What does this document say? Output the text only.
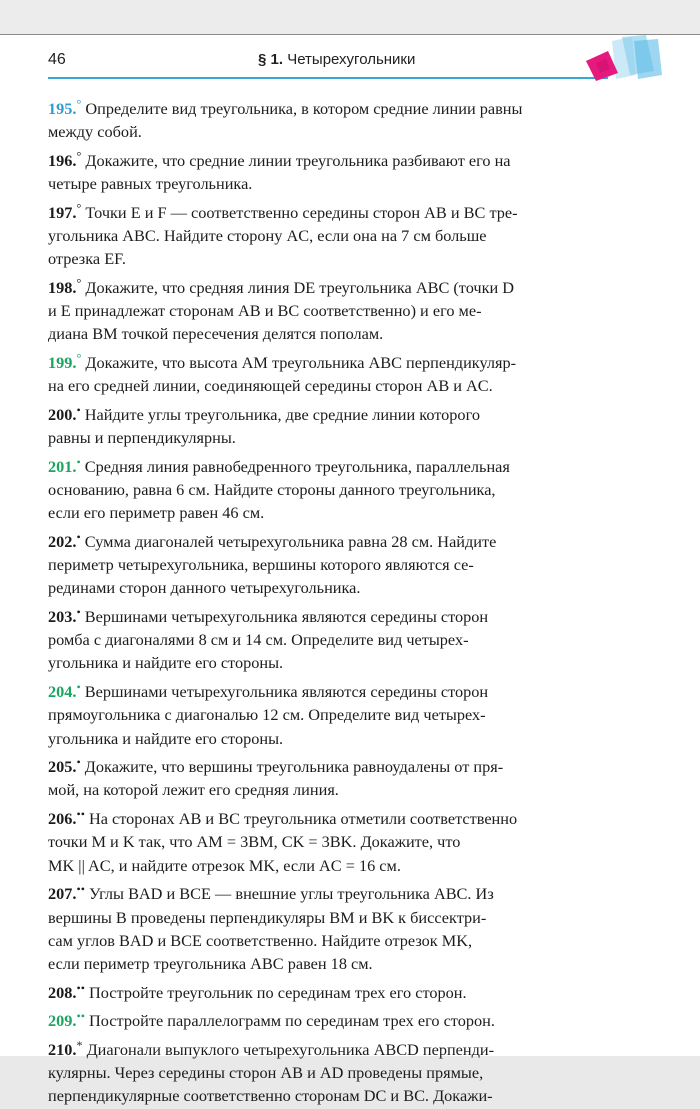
46	§ 1. Четырехугольники
195.° Определите вид треугольника, в котором средние линии равны
между собой.
196.° Докажите, что средние линии треугольника разбивают его на
четыре равных треугольника.
197.° Точки E и F — соответственно середины сторон AB и BC тре-
угольника ABC. Найдите сторону AC, если она на 7 см больше
отрезка EF.
198.° Докажите, что средняя линия DE треугольника ABC (точки D
и E принадлежат сторонам AB и BC соответственно) и его ме-
диана BM точкой пересечения делятся пополам.
199.° Докажите, что высота AM треугольника ABC перпендикуляр-
на его средней линии, соединяющей середины сторон AB и AC.
200.• Найдите углы треугольника, две средние линии которого
равны и перпендикулярны.
201.• Средняя линия равнобедренного треугольника, параллельная
основанию, равна 6 см. Найдите стороны данного треугольника,
если его периметр равен 46 см.
202.• Сумма диагоналей четырехугольника равна 28 см. Найдите
периметр четырехугольника, вершины которого являются се-
рединами сторон данного четырехугольника.
203.• Вершинами четырехугольника являются середины сторон
ромба с диагоналями 8 см и 14 см. Определите вид четырех-
угольника и найдите его стороны.
204.• Вершинами четырехугольника являются середины сторон
прямоугольника с диагональю 12 см. Определите вид четырех-
угольника и найдите его стороны.
205.• Докажите, что вершины треугольника равноудалены от пря-
мой, на которой лежит его средняя линия.
206.•• На сторонах AB и BC треугольника отметили соответственно
точки M и K так, что AM = 3BM, CK = 3BK. Докажите, что
MK || AC, и найдите отрезок MK, если AC = 16 см.
207.•• Углы BAD и BCE — внешние углы треугольника ABC. Из
вершины B проведены перпендикуляры BM и BK к биссектри-
сам углов BAD и BCE соответственно. Найдите отрезок MK,
если периметр треугольника ABC равен 18 см.
208.•• Постройте треугольник по серединам трех его сторон.
209.•• Постройте параллелограмм по серединам трех его сторон.
210.* Диагонали выпуклого четырехугольника ABCD перпенди-
кулярны. Через середины сторон AB и AD проведены прямые,
перпендикулярные соответственно сторонам DC и BC. Докажи-
